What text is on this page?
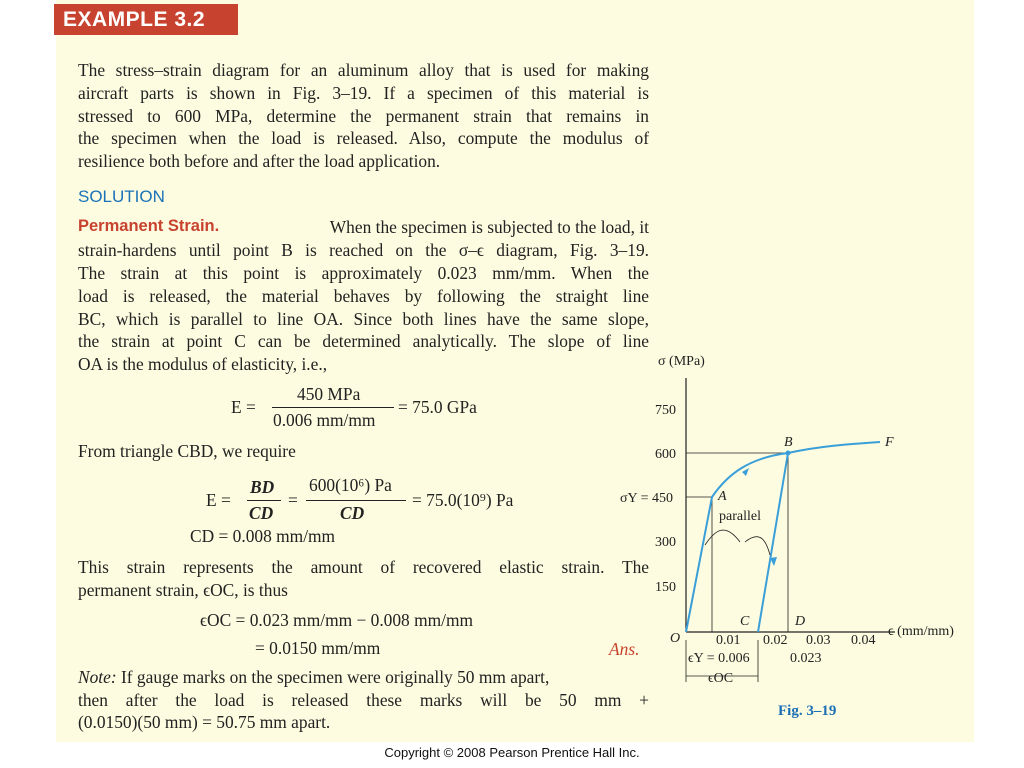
EXAMPLE 3.2
The stress–strain diagram for an aluminum alloy that is used for making
aircraft parts is shown in Fig. 3–19. If a specimen of this material is
stressed to 600 MPa, determine the permanent strain that remains in
the specimen when the load is released. Also, compute the modulus of
resilience both before and after the load application.
SOLUTION
Permanent Strain.	When the specimen is subjected to the load, it
strain-hardens until point B is reached on the σ–ϵ diagram, Fig. 3–19.
The strain at this point is approximately 0.023 mm/mm. When the
load is released, the material behaves by following the straight line
BC, which is parallel to line OA. Since both lines have the same slope,
the strain at point C can be determined analytically. The slope of line
OA is the modulus of elasticity, i.e.,
E =
450 MPa
0.006 mm/mm
= 75.0 GPa
From triangle CBD, we require
E =
BD
CD
=
600(10⁶) Pa
CD
= 75.0(10⁹) Pa
CD = 0.008 mm/mm
This strain represents the amount of recovered elastic strain. The
permanent strain, ϵOC, is thus
ϵOC = 0.023 mm/mm − 0.008 mm/mm
= 0.0150 mm/mm	Ans.
Note: If gauge marks on the specimen were originally 50 mm apart,
then after the load is released these marks will be 50 mm +
(0.0150)(50 mm) = 50.75 mm apart.
σ (MPa)
ϵ (mm/mm)
750
600
σY = 450
300
150
0.01 0.02 0.03 0.04
O
A
B
C	D
F
parallel
ϵY = 0.006	0.023
ϵOC
Fig. 3–19
Copyright © 2008 Pearson Prentice Hall Inc.
